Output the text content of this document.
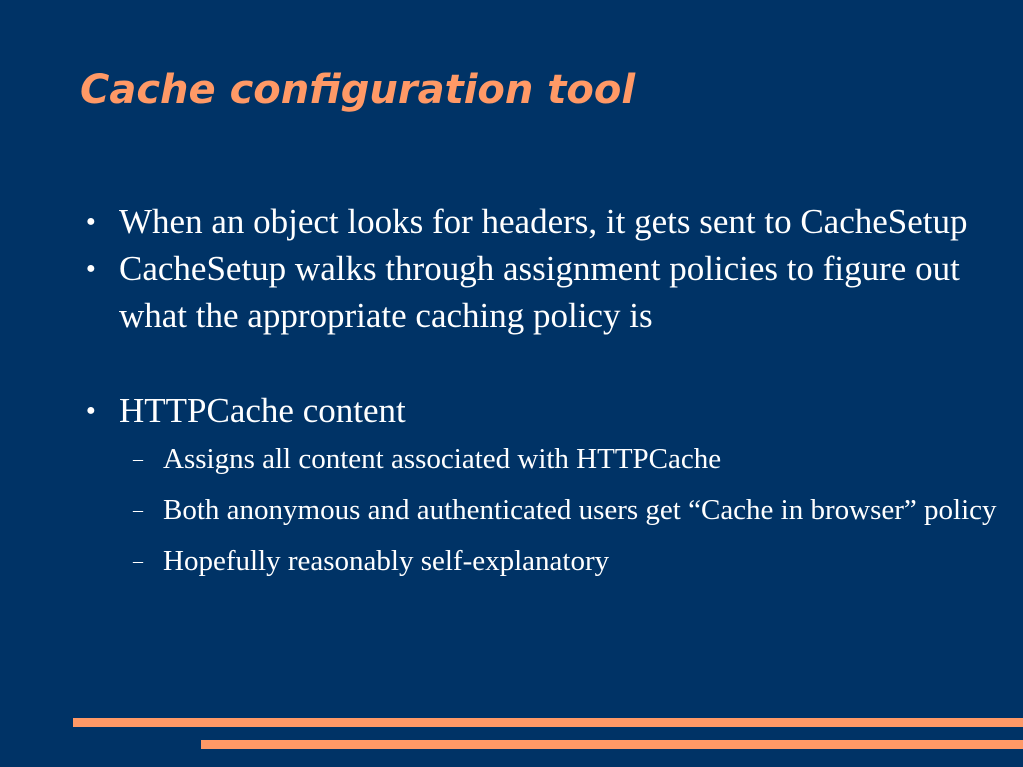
Cache configuration tool
● When an object looks for headers, it gets sent to CacheSetup
● CacheSetup walks through assignment policies to figure out what the appropriate caching policy is
● HTTPCache content
– Assigns all content associated with HTTPCache
– Both anonymous and authenticated users get “Cache in browser” policy
– Hopefully reasonably self-explanatory
